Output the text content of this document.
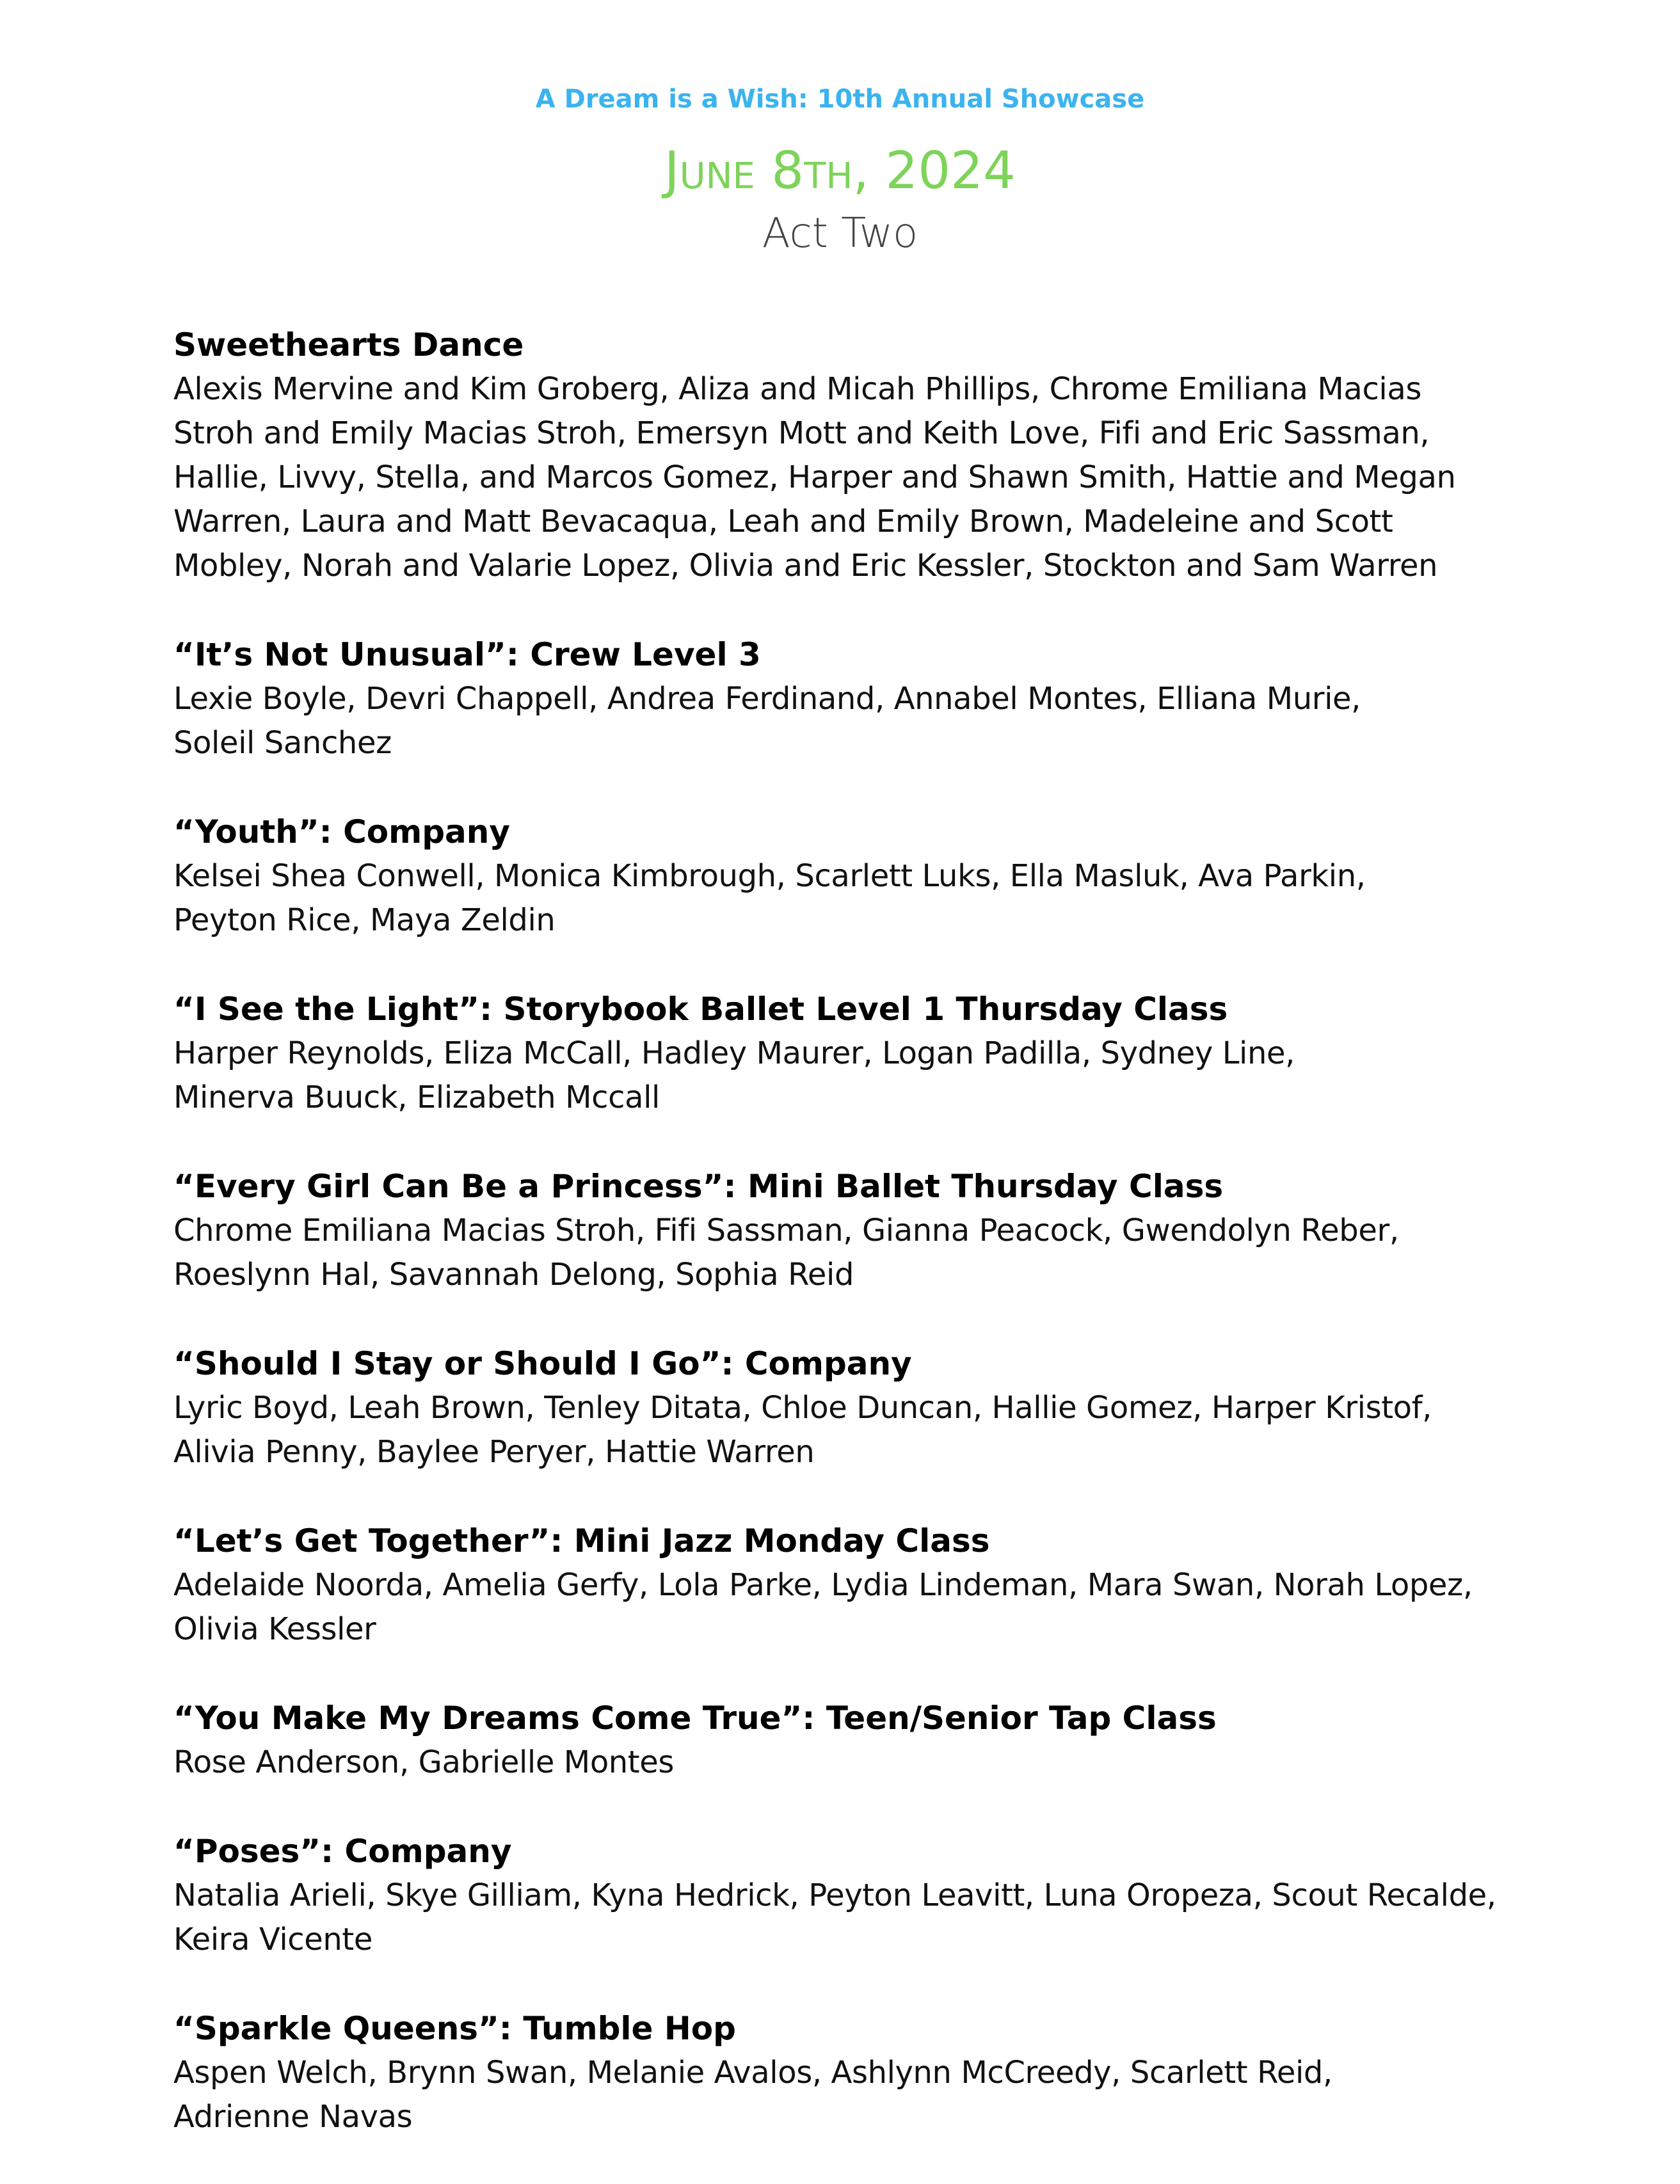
A Dream is a Wish: 10th Annual Showcase

June 8th, 2024

Act Two

Sweethearts Dance

Alexis Mervine and Kim Groberg, Aliza and Micah Phillips, Chrome Emiliana Macias

Stroh and Emily Macias Stroh, Emersyn Mott and Keith Love, Fifi and Eric Sassman,

Hallie, Livvy, Stella, and Marcos Gomez, Harper and Shawn Smith, Hattie and Megan

Warren, Laura and Matt Bevacaqua, Leah and Emily Brown, Madeleine and Scott

Mobley, Norah and Valarie Lopez, Olivia and Eric Kessler, Stockton and Sam Warren

“It’s Not Unusual”: Crew Level 3

Lexie Boyle, Devri Chappell, Andrea Ferdinand, Annabel Montes, Elliana Murie,

Soleil Sanchez

“Youth”: Company

Kelsei Shea Conwell, Monica Kimbrough, Scarlett Luks, Ella Masluk, Ava Parkin,

Peyton Rice, Maya Zeldin

“I See the Light”: Storybook Ballet Level 1 Thursday Class

Harper Reynolds, Eliza McCall, Hadley Maurer, Logan Padilla, Sydney Line,

Minerva Buuck, Elizabeth Mccall

“Every Girl Can Be a Princess”: Mini Ballet Thursday Class

Chrome Emiliana Macias Stroh, Fifi Sassman, Gianna Peacock, Gwendolyn Reber,

Roeslynn Hal, Savannah Delong, Sophia Reid

“Should I Stay or Should I Go”: Company

Lyric Boyd, Leah Brown, Tenley Ditata, Chloe Duncan, Hallie Gomez, Harper Kristof,

Alivia Penny, Baylee Peryer, Hattie Warren

“Let’s Get Together”: Mini Jazz Monday Class

Adelaide Noorda, Amelia Gerfy, Lola Parke, Lydia Lindeman, Mara Swan, Norah Lopez,

Olivia Kessler

“You Make My Dreams Come True”: Teen/Senior Tap Class

Rose Anderson, Gabrielle Montes

“Poses”: Company

Natalia Arieli, Skye Gilliam, Kyna Hedrick, Peyton Leavitt, Luna Oropeza, Scout Recalde,

Keira Vicente

“Sparkle Queens”: Tumble Hop

Aspen Welch, Brynn Swan, Melanie Avalos, Ashlynn McCreedy, Scarlett Reid,

Adrienne Navas
